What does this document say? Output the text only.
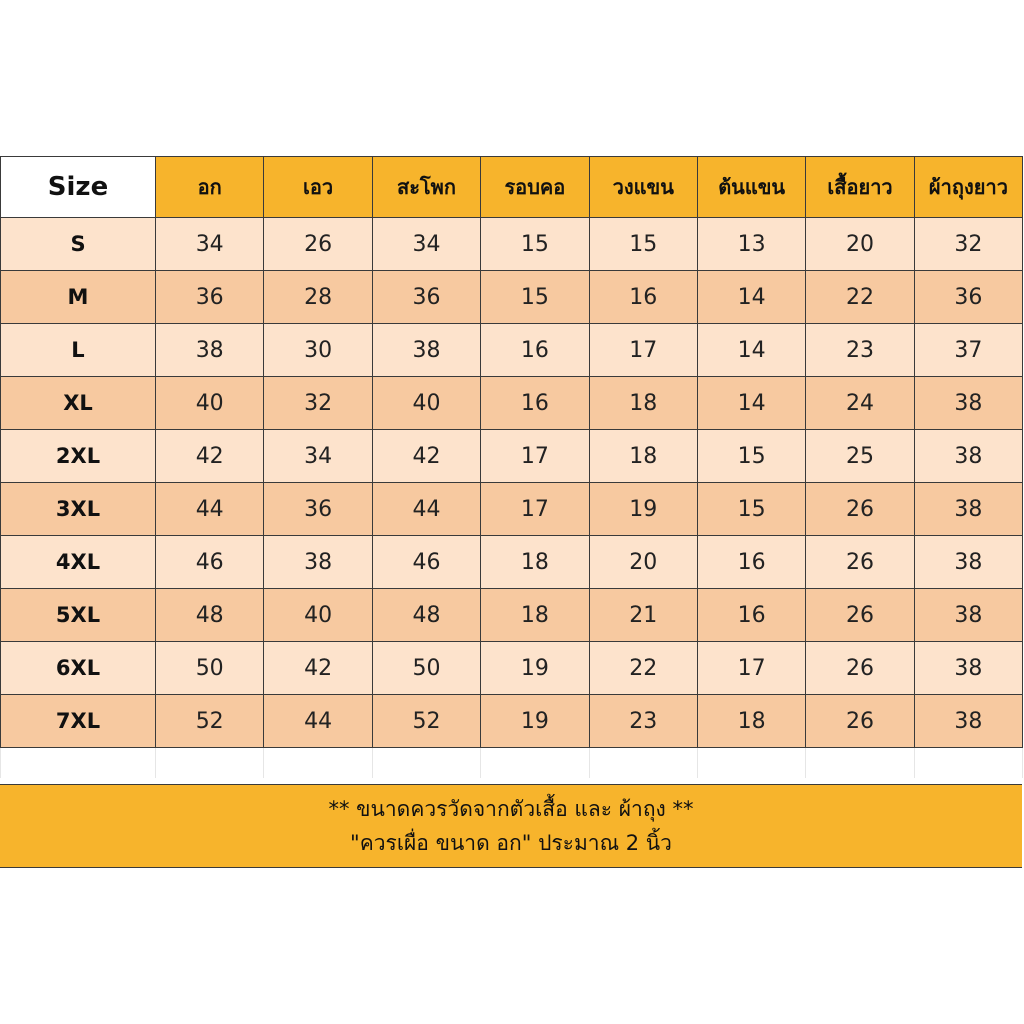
Size	อก	เอว	สะโพก	รอบคอ	วงแขน	ต้นแขน	เสื้อยาว	ผ้าถุงยาว
S	34	26	34	15	15	13	20	32
M	36	28	36	15	16	14	22	36
L	38	30	38	16	17	14	23	37
XL	40	32	40	16	18	14	24	38
2XL	42	34	42	17	18	15	25	38
3XL	44	36	44	17	19	15	26	38
4XL	46	38	46	18	20	16	26	38
5XL	48	40	48	18	21	16	26	38
6XL	50	42	50	19	22	17	26	38
7XL	52	44	52	19	23	18	26	38

** ขนาดควรวัดจากตัวเสื้อ และ ผ้าถุง **
"ควรเผื่อ ขนาด อก" ประมาณ 2 นิ้ว
